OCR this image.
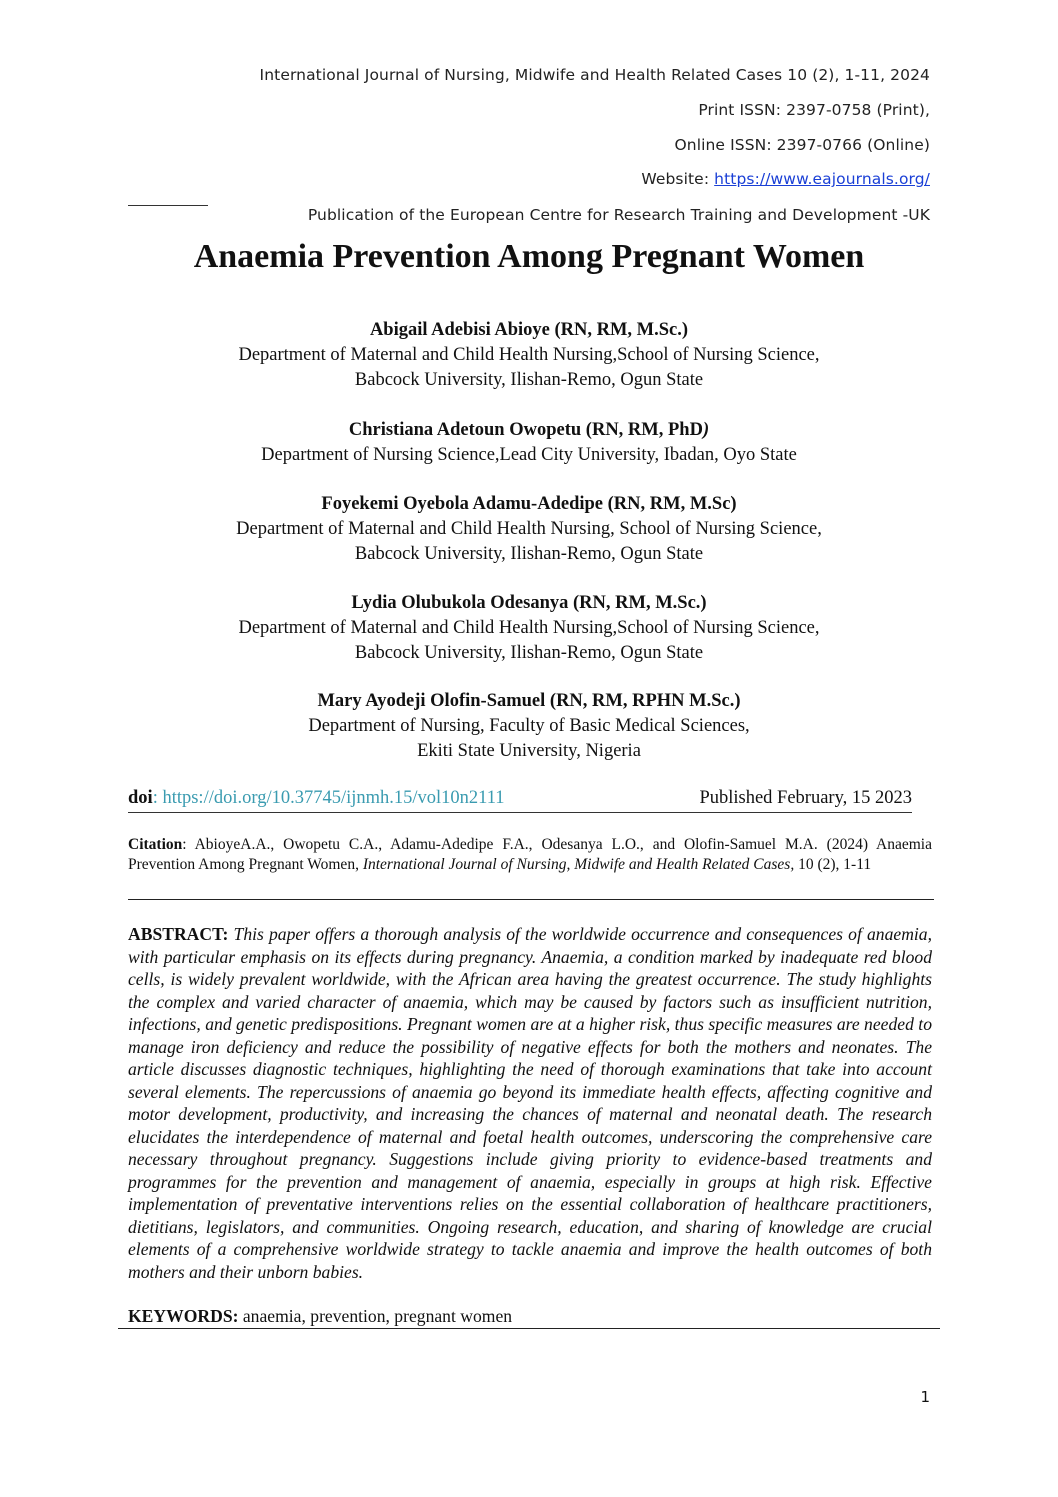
International Journal of Nursing, Midwife and Health Related Cases 10 (2), 1-11, 2024
Print ISSN: 2397-0758 (Print),
Online ISSN: 2397-0766 (Online)
Website: https://www.eajournals.org/
Publication of the European Centre for Research Training and Development -UK
Anaemia Prevention Among Pregnant Women
Abigail Adebisi Abioye (RN, RM, M.Sc.)
Department of Maternal and Child Health Nursing,School of Nursing Science,
Babcock University, Ilishan-Remo, Ogun State
Christiana Adetoun Owopetu (RN, RM, PhD)
Department of Nursing Science,Lead City University, Ibadan, Oyo State
Foyekemi Oyebola Adamu-Adedipe (RN, RM, M.Sc)
Department of Maternal and Child Health Nursing, School of Nursing Science,
Babcock University, Ilishan-Remo, Ogun State
Lydia Olubukola Odesanya (RN, RM, M.Sc.)
Department of Maternal and Child Health Nursing,School of Nursing Science,
Babcock University, Ilishan-Remo, Ogun State
Mary Ayodeji Olofin-Samuel (RN, RM, RPHN M.Sc.)
Department of Nursing, Faculty of Basic Medical Sciences,
Ekiti State University, Nigeria
doi: https://doi.org/10.37745/ijnmh.15/vol10n2111	Published February, 15 2023
Citation: AbioyeA.A., Owopetu C.A., Adamu-Adedipe F.A., Odesanya L.O., and Olofin-Samuel M.A. (2024) Anaemia Prevention Among Pregnant Women, International Journal of Nursing, Midwife and Health Related Cases, 10 (2), 1-11
ABSTRACT: This paper offers a thorough analysis of the worldwide occurrence and consequences of anaemia, with particular emphasis on its effects during pregnancy. Anaemia, a condition marked by inadequate red blood cells, is widely prevalent worldwide, with the African area having the greatest occurrence. The study highlights the complex and varied character of anaemia, which may be caused by factors such as insufficient nutrition, infections, and genetic predispositions. Pregnant women are at a higher risk, thus specific measures are needed to manage iron deficiency and reduce the possibility of negative effects for both the mothers and neonates. The article discusses diagnostic techniques, highlighting the need of thorough examinations that take into account several elements. The repercussions of anaemia go beyond its immediate health effects, affecting cognitive and motor development, productivity, and increasing the chances of maternal and neonatal death. The research elucidates the interdependence of maternal and foetal health outcomes, underscoring the comprehensive care necessary throughout pregnancy. Suggestions include giving priority to evidence-based treatments and programmes for the prevention and management of anaemia, especially in groups at high risk. Effective implementation of preventative interventions relies on the essential collaboration of healthcare practitioners, dietitians, legislators, and communities. Ongoing research, education, and sharing of knowledge are crucial elements of a comprehensive worldwide strategy to tackle anaemia and improve the health outcomes of both mothers and their unborn babies.
KEYWORDS: anaemia, prevention, pregnant women
1
